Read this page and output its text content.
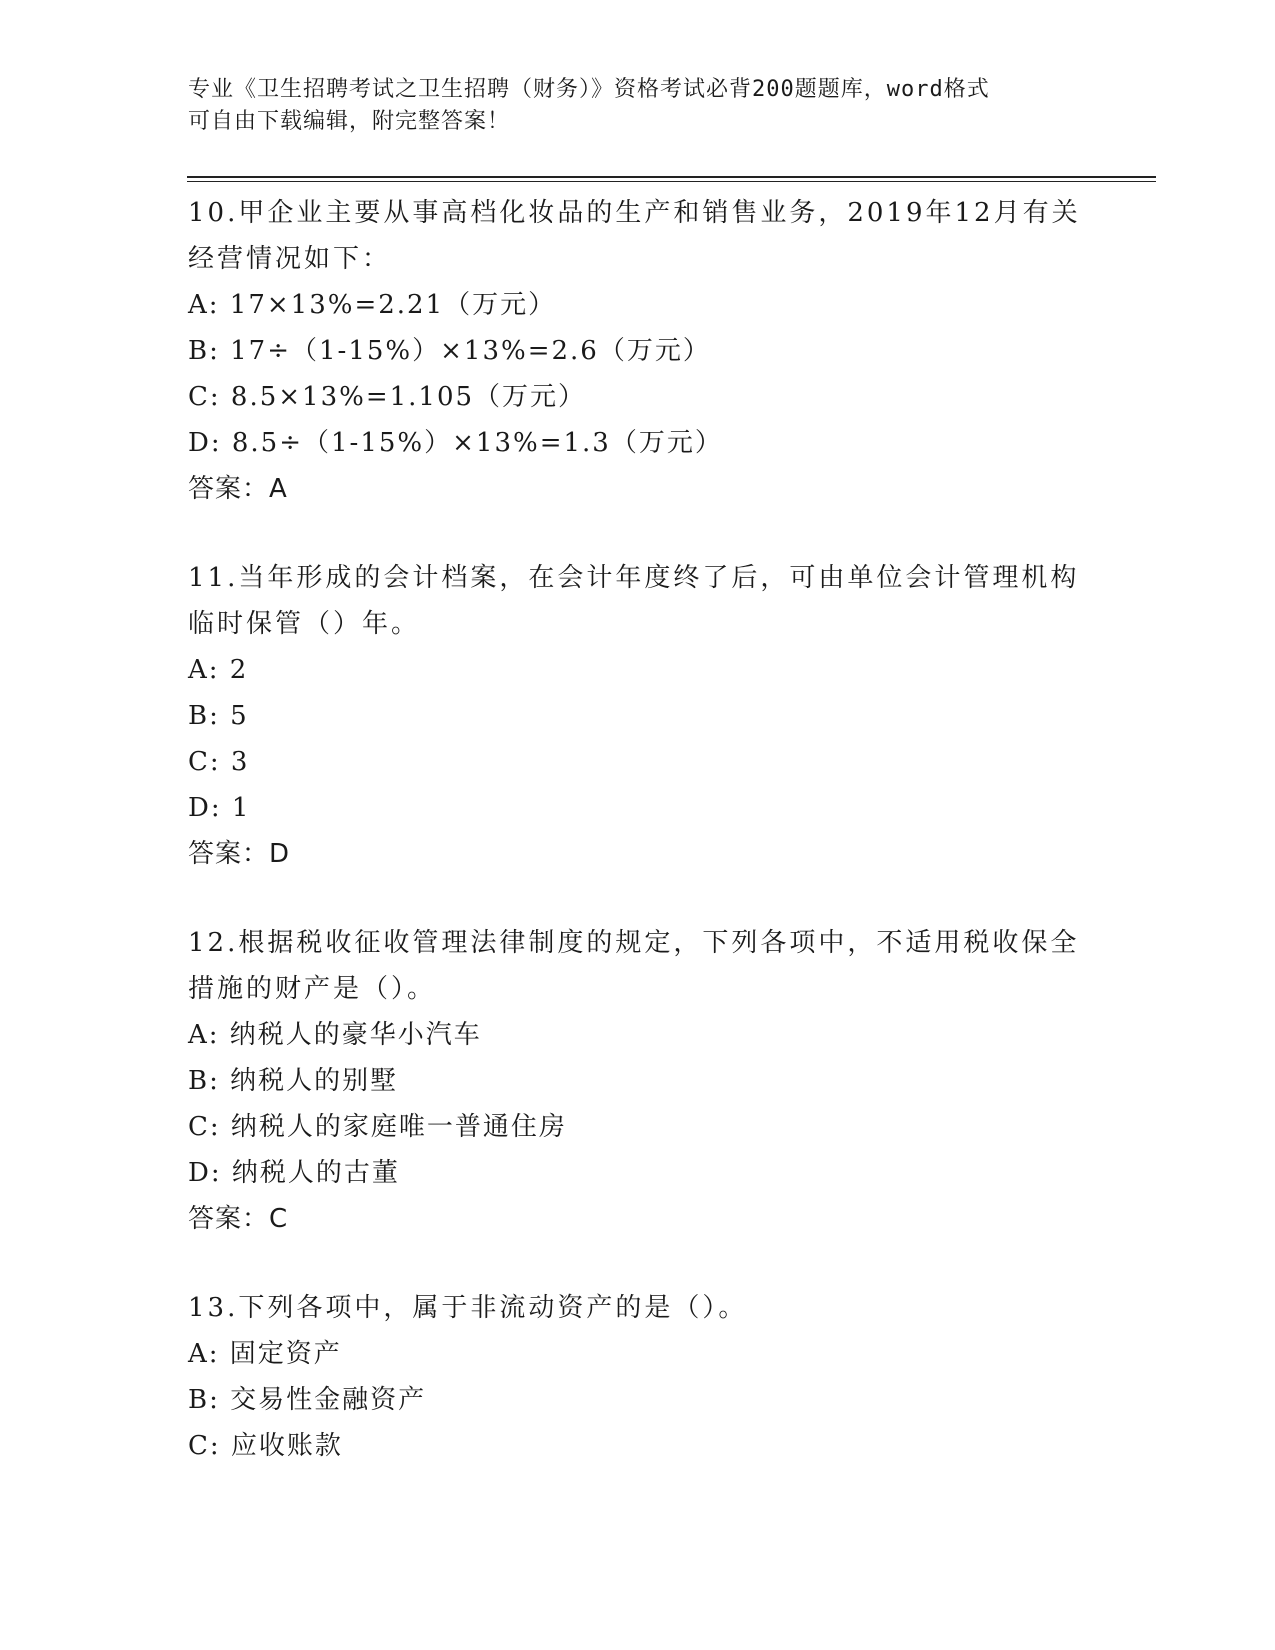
专业《卫生招聘考试之卫生招聘（财务）》资格考试必背200题题库，word格式
可自由下载编辑，附完整答案！
10.甲企业主要从事高档化妆品的生产和销售业务，2019年12月有关经营情况如下：
A: 17×13%=2.21（万元）
B: 17÷（1-15%）×13%=2.6（万元）
C: 8.5×13%=1.105（万元）
D: 8.5÷（1-15%）×13%=1.3（万元）
答案：A
11.当年形成的会计档案，在会计年度终了后，可由单位会计管理机构临时保管（）年。
A: 2
B: 5
C: 3
D: 1
答案：D
12.根据税收征收管理法律制度的规定，下列各项中，不适用税收保全措施的财产是（）。
A: 纳税人的豪华小汽车
B: 纳税人的别墅
C: 纳税人的家庭唯一普通住房
D: 纳税人的古董
答案：C
13.下列各项中，属于非流动资产的是（）。
A: 固定资产
B: 交易性金融资产
C: 应收账款
